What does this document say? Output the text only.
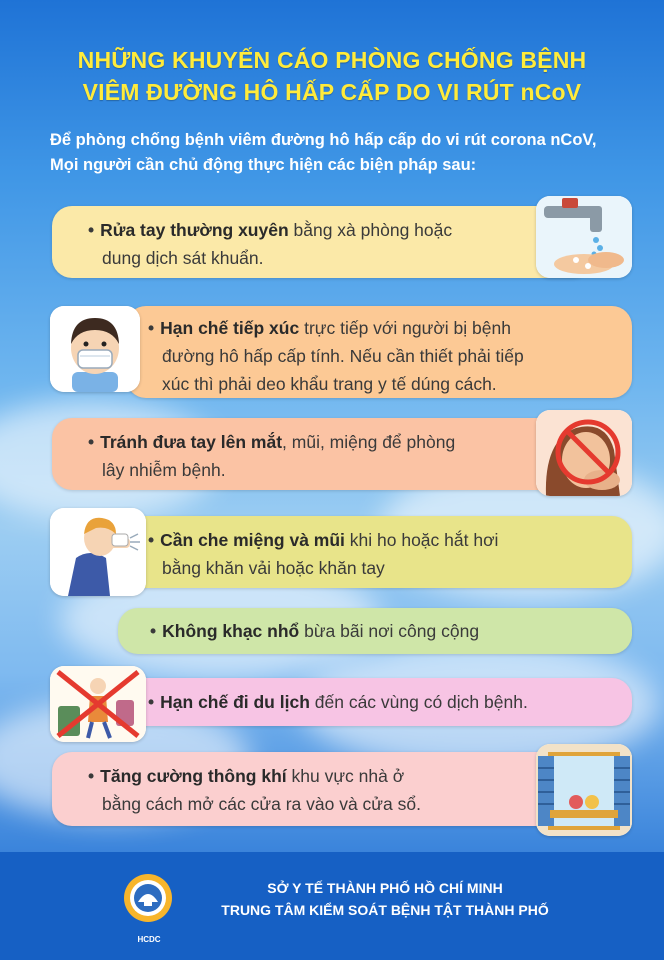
NHỮNG KHUYẾN CÁO PHÒNG CHỐNG BỆNH
VIÊM ĐƯỜNG HÔ HẤP CẤP DO VI RÚT nCoV
Để phòng chống bệnh viêm đường hô hấp cấp do vi rút corona nCoV,
Mọi người cần chủ động thực hiện các biện pháp sau:
• Rửa tay thường xuyên bằng xà phòng hoặc
dung dịch sát khuẩn.
• Hạn chế tiếp xúc trực tiếp với người bị bệnh
đường hô hấp cấp tính. Nếu cần thiết phải tiếp
xúc thì phải deo khẩu trang y tế dúng cách.
• Tránh đưa tay lên mắt, mũi, miệng để phòng
lây nhiễm bệnh.
• Cần che miệng và mũi khi ho hoặc hắt hơi
bằng khăn vải hoặc khăn tay
• Không khạc nhổ bừa bãi nơi công cộng
• Hạn chế đi du lịch đến các vùng có dịch bệnh.
• Tăng cường thông khí khu vực nhà ở
bằng cách mở các cửa ra vào và cửa sổ.
SỞ Y TẾ THÀNH PHỐ HỒ CHÍ MINH
TRUNG TÂM KIỂM SOÁT BỆNH TẬT THÀNH PHỐ
HCDC
